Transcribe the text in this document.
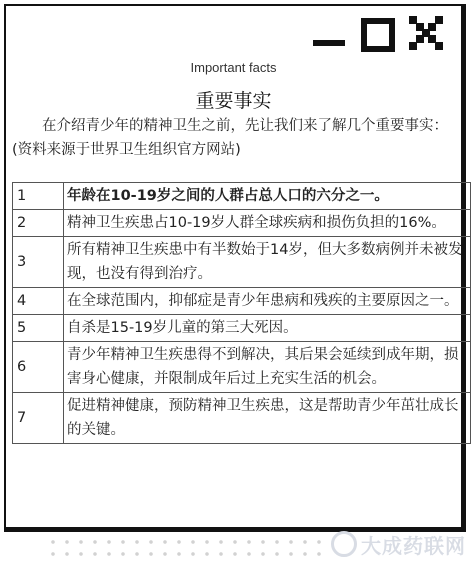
Important facts
重要事实

在介绍青少年的精神卫生之前，先让我们来了解几个重要事实：(资料来源于世界卫生组织官方网站)

1	年龄在10-19岁之间的人群占总人口的六分之一。
2	精神卫生疾患占10-19岁人群全球疾病和损伤负担的16%。
3	所有精神卫生疾患中有半数始于14岁，但大多数病例并未被发现，也没有得到治疗。
4	在全球范围内，抑郁症是青少年患病和残疾的主要原因之一。
5	自杀是15-19岁儿童的第三大死因。
6	青少年精神卫生疾患得不到解决，其后果会延续到成年期，损害身心健康，并限制成年后过上充实生活的机会。
7	促进精神健康，预防精神卫生疾患，这是帮助青少年茁壮成长的关键。
大成药联网
